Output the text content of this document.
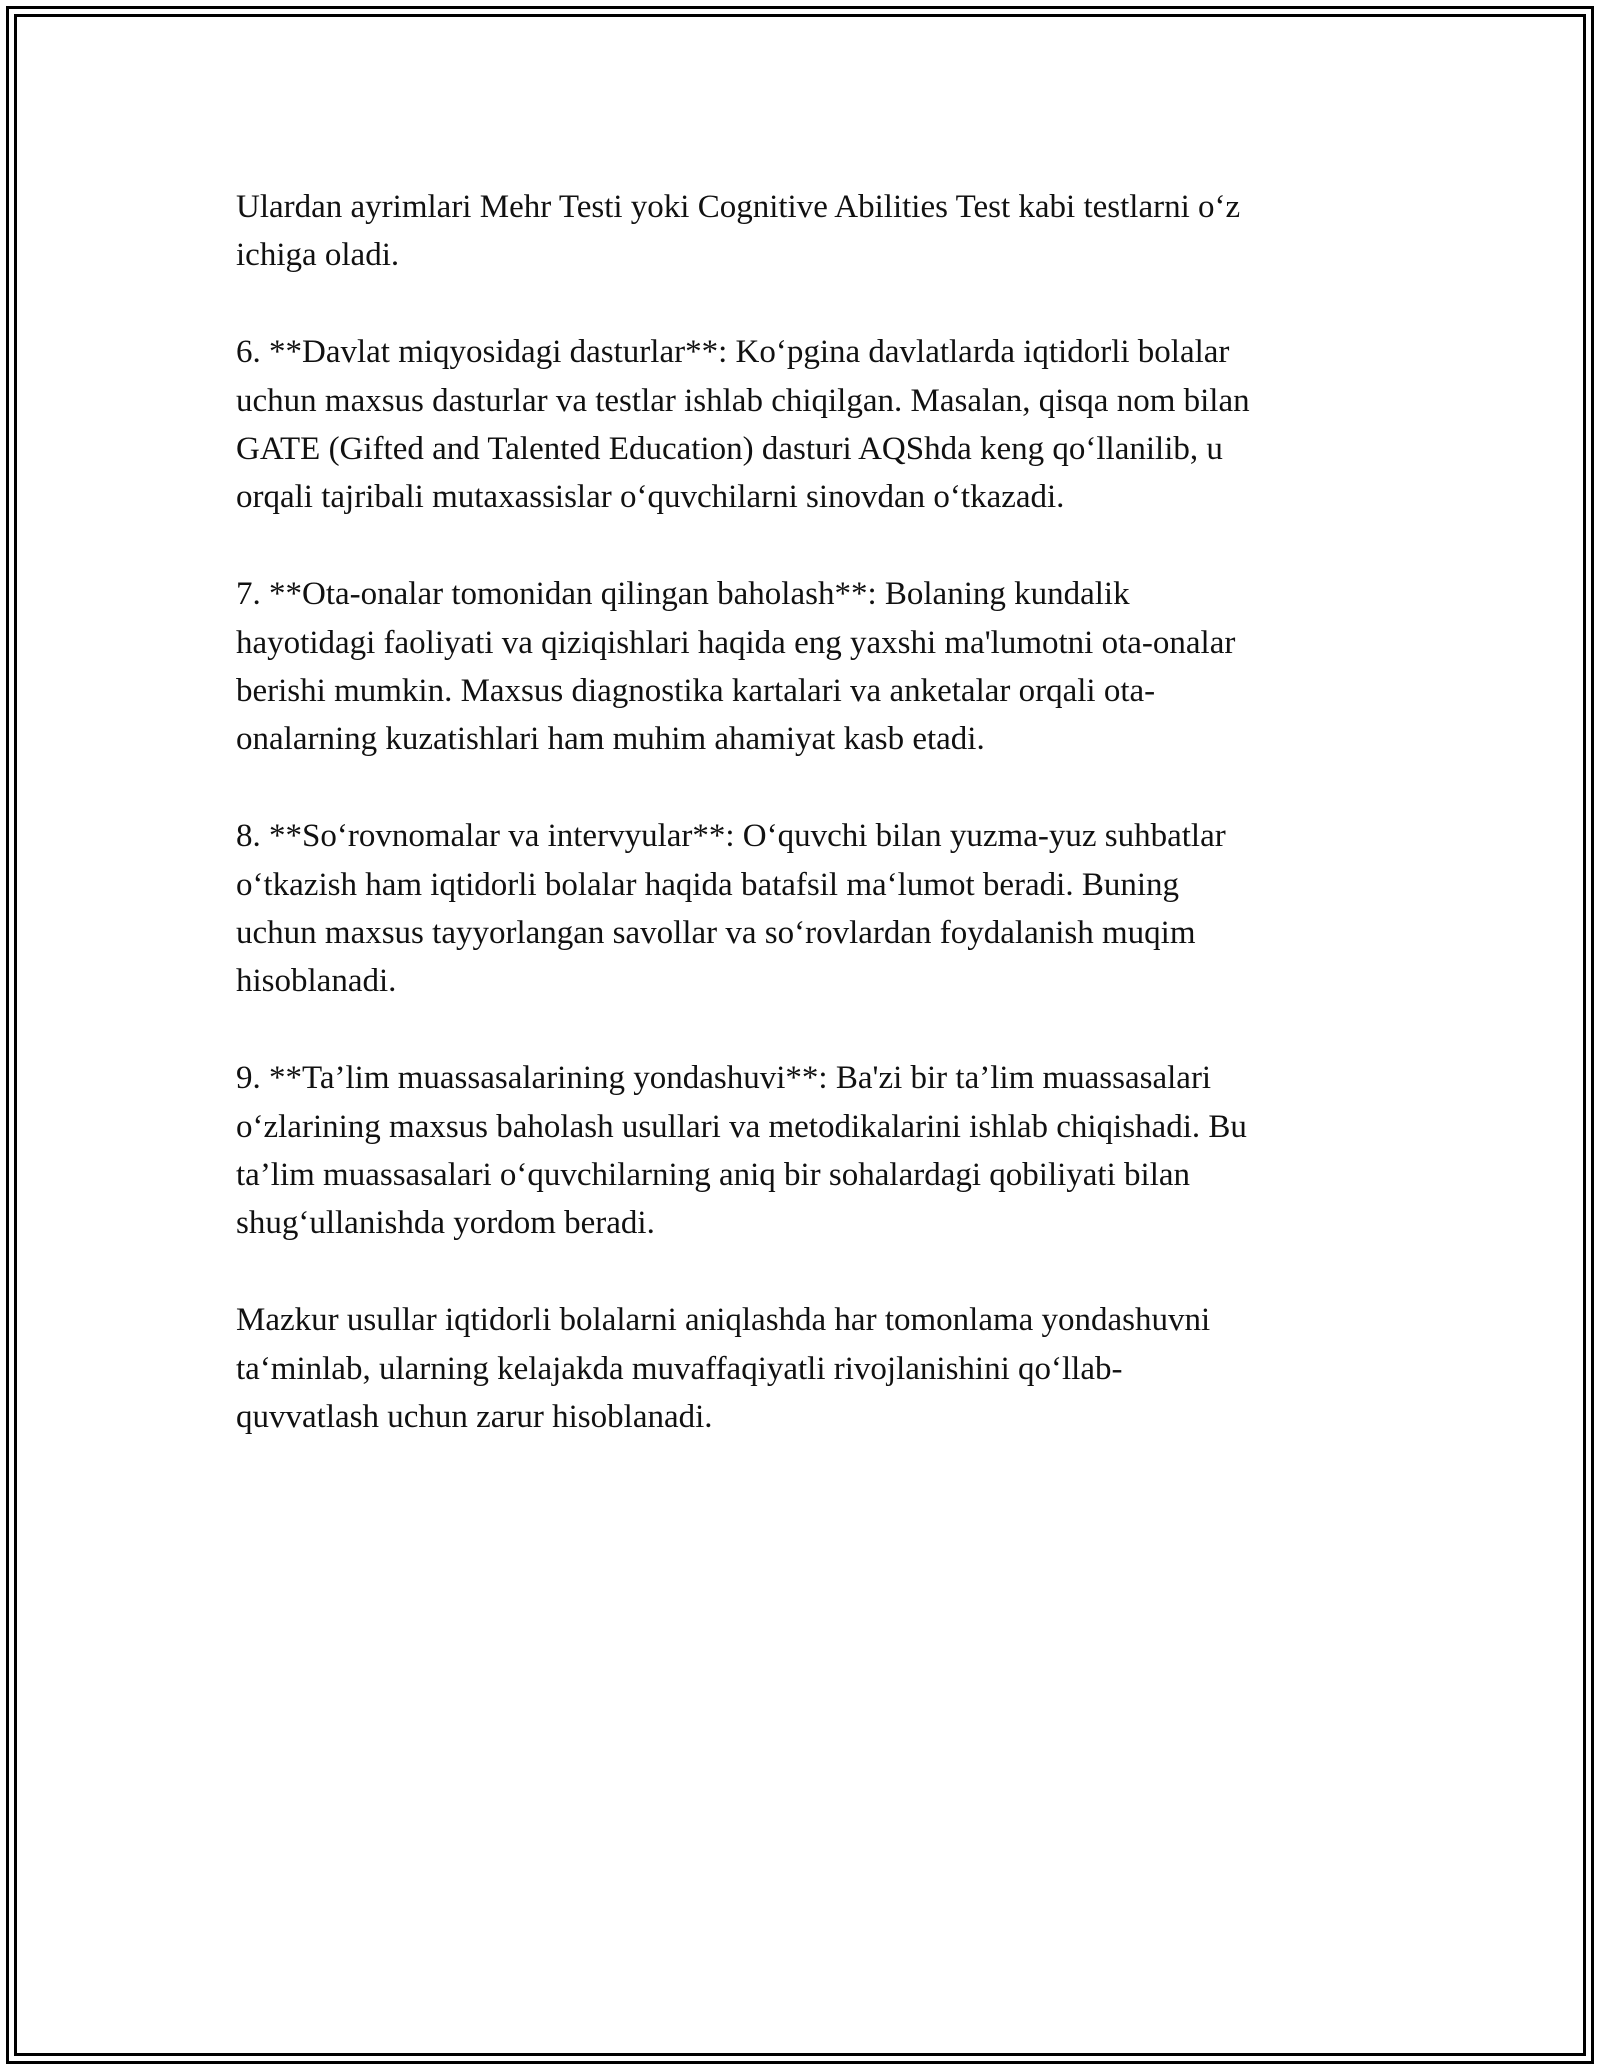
Ulardan ayrimlari Mehr Testi yoki Cognitive Abilities Test kabi testlarni o‘z
ichiga oladi.

6. **Davlat miqyosidagi dasturlar**: Ko‘pgina davlatlarda iqtidorli bolalar
uchun maxsus dasturlar va testlar ishlab chiqilgan. Masalan, qisqa nom bilan
GATE (Gifted and Talented Education) dasturi AQShda keng qo‘llanilib, u
orqali tajribali mutaxassislar o‘quvchilarni sinovdan o‘tkazadi.

7. **Ota-onalar tomonidan qilingan baholash**: Bolaning kundalik
hayotidagi faoliyati va qiziqishlari haqida eng yaxshi ma'lumotni ota-onalar
berishi mumkin. Maxsus diagnostika kartalari va anketalar orqali ota-
onalarning kuzatishlari ham muhim ahamiyat kasb etadi.

8. **So‘rovnomalar va intervyular**: O‘quvchi bilan yuzma-yuz suhbatlar
o‘tkazish ham iqtidorli bolalar haqida batafsil ma‘lumot beradi. Buning
uchun maxsus tayyorlangan savollar va so‘rovlardan foydalanish muqim
hisoblanadi.

9. **Ta’lim muassasalarining yondashuvi**: Ba'zi bir ta’lim muassasalari
o‘zlarining maxsus baholash usullari va metodikalarini ishlab chiqishadi. Bu
ta’lim muassasalari o‘quvchilarning aniq bir sohalardagi qobiliyati bilan
shug‘ullanishda yordom beradi.

Mazkur usullar iqtidorli bolalarni aniqlashda har tomonlama yondashuvni
ta‘minlab, ularning kelajakda muvaffaqiyatli rivojlanishini qo‘llab-
quvvatlash uchun zarur hisoblanadi.
